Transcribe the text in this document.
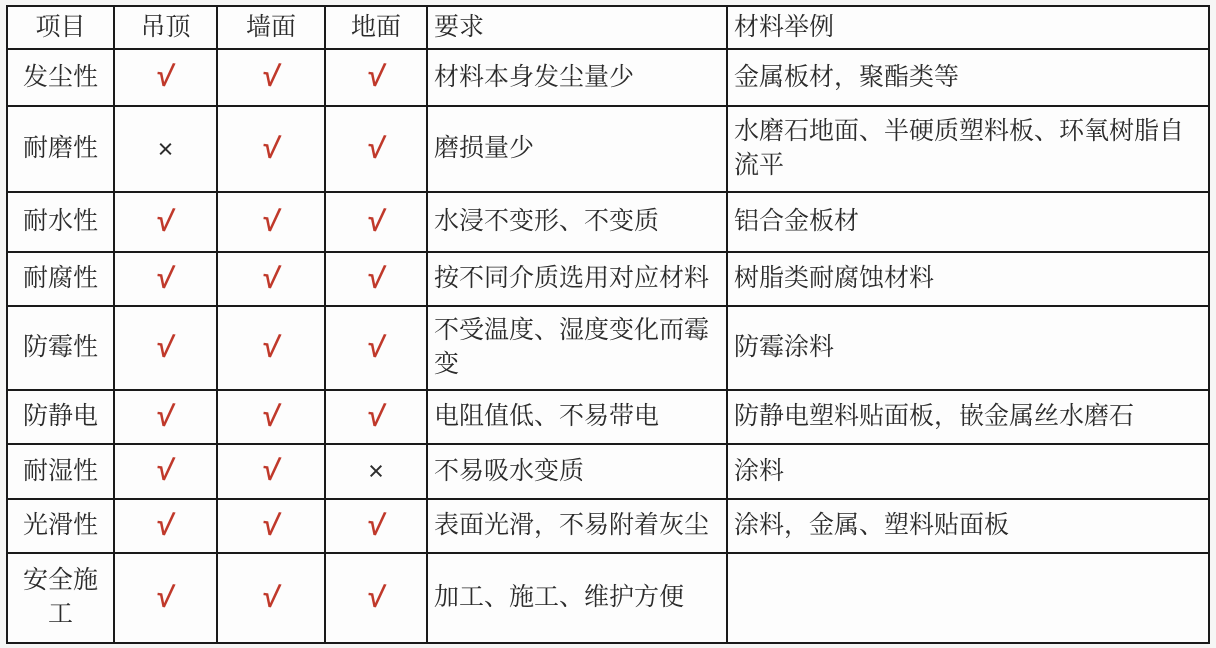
项目	吊顶	墙面	地面	要求	材料举例
发尘性	√	√	√	材料本身发尘量少	金属板材，聚酯类等
耐磨性	×	√	√	磨损量少	水磨石地面、半硬质塑料板、环氧树脂自流平
耐水性	√	√	√	水浸不变形、不变质	铝合金板材
耐腐性	√	√	√	按不同介质选用对应材料	树脂类耐腐蚀材料
防霉性	√	√	√	不受温度、湿度变化而霉变	防霉涂料
防静电	√	√	√	电阻值低、不易带电	防静电塑料贴面板，嵌金属丝水磨石
耐湿性	√	√	×	不易吸水变质	涂料
光滑性	√	√	√	表面光滑，不易附着灰尘	涂料，金属、塑料贴面板
安全施工	√	√	√	加工、施工、维护方便	
